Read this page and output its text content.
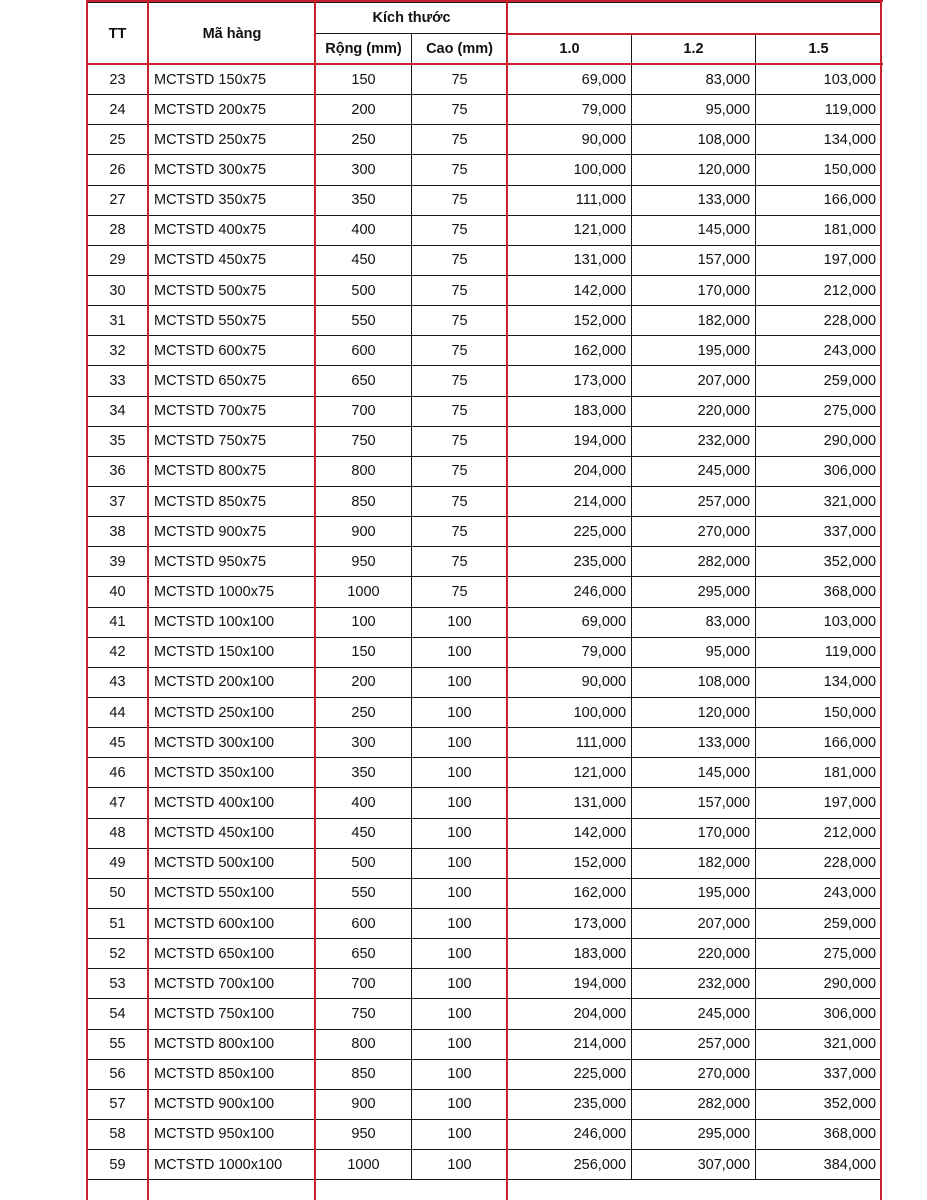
TT	Mã hàng	Kích thước				
		Rộng (mm)	Cao (mm)	1.0	1.2	1.5
23	MCTSTD 150x75	150	75	69,000	83,000	103,000
24	MCTSTD 200x75	200	75	79,000	95,000	119,000
25	MCTSTD 250x75	250	75	90,000	108,000	134,000
26	MCTSTD 300x75	300	75	100,000	120,000	150,000
27	MCTSTD 350x75	350	75	111,000	133,000	166,000
28	MCTSTD 400x75	400	75	121,000	145,000	181,000
29	MCTSTD 450x75	450	75	131,000	157,000	197,000
30	MCTSTD 500x75	500	75	142,000	170,000	212,000
31	MCTSTD 550x75	550	75	152,000	182,000	228,000
32	MCTSTD 600x75	600	75	162,000	195,000	243,000
33	MCTSTD 650x75	650	75	173,000	207,000	259,000
34	MCTSTD 700x75	700	75	183,000	220,000	275,000
35	MCTSTD 750x75	750	75	194,000	232,000	290,000
36	MCTSTD 800x75	800	75	204,000	245,000	306,000
37	MCTSTD 850x75	850	75	214,000	257,000	321,000
38	MCTSTD 900x75	900	75	225,000	270,000	337,000
39	MCTSTD 950x75	950	75	235,000	282,000	352,000
40	MCTSTD 1000x75	1000	75	246,000	295,000	368,000
41	MCTSTD 100x100	100	100	69,000	83,000	103,000
42	MCTSTD 150x100	150	100	79,000	95,000	119,000
43	MCTSTD 200x100	200	100	90,000	108,000	134,000
44	MCTSTD 250x100	250	100	100,000	120,000	150,000
45	MCTSTD 300x100	300	100	111,000	133,000	166,000
46	MCTSTD 350x100	350	100	121,000	145,000	181,000
47	MCTSTD 400x100	400	100	131,000	157,000	197,000
48	MCTSTD 450x100	450	100	142,000	170,000	212,000
49	MCTSTD 500x100	500	100	152,000	182,000	228,000
50	MCTSTD 550x100	550	100	162,000	195,000	243,000
51	MCTSTD 600x100	600	100	173,000	207,000	259,000
52	MCTSTD 650x100	650	100	183,000	220,000	275,000
53	MCTSTD 700x100	700	100	194,000	232,000	290,000
54	MCTSTD 750x100	750	100	204,000	245,000	306,000
55	MCTSTD 800x100	800	100	214,000	257,000	321,000
56	MCTSTD 850x100	850	100	225,000	270,000	337,000
57	MCTSTD 900x100	900	100	235,000	282,000	352,000
58	MCTSTD 950x100	950	100	246,000	295,000	368,000
59	MCTSTD 1000x100	1000	100	256,000	307,000	384,000
